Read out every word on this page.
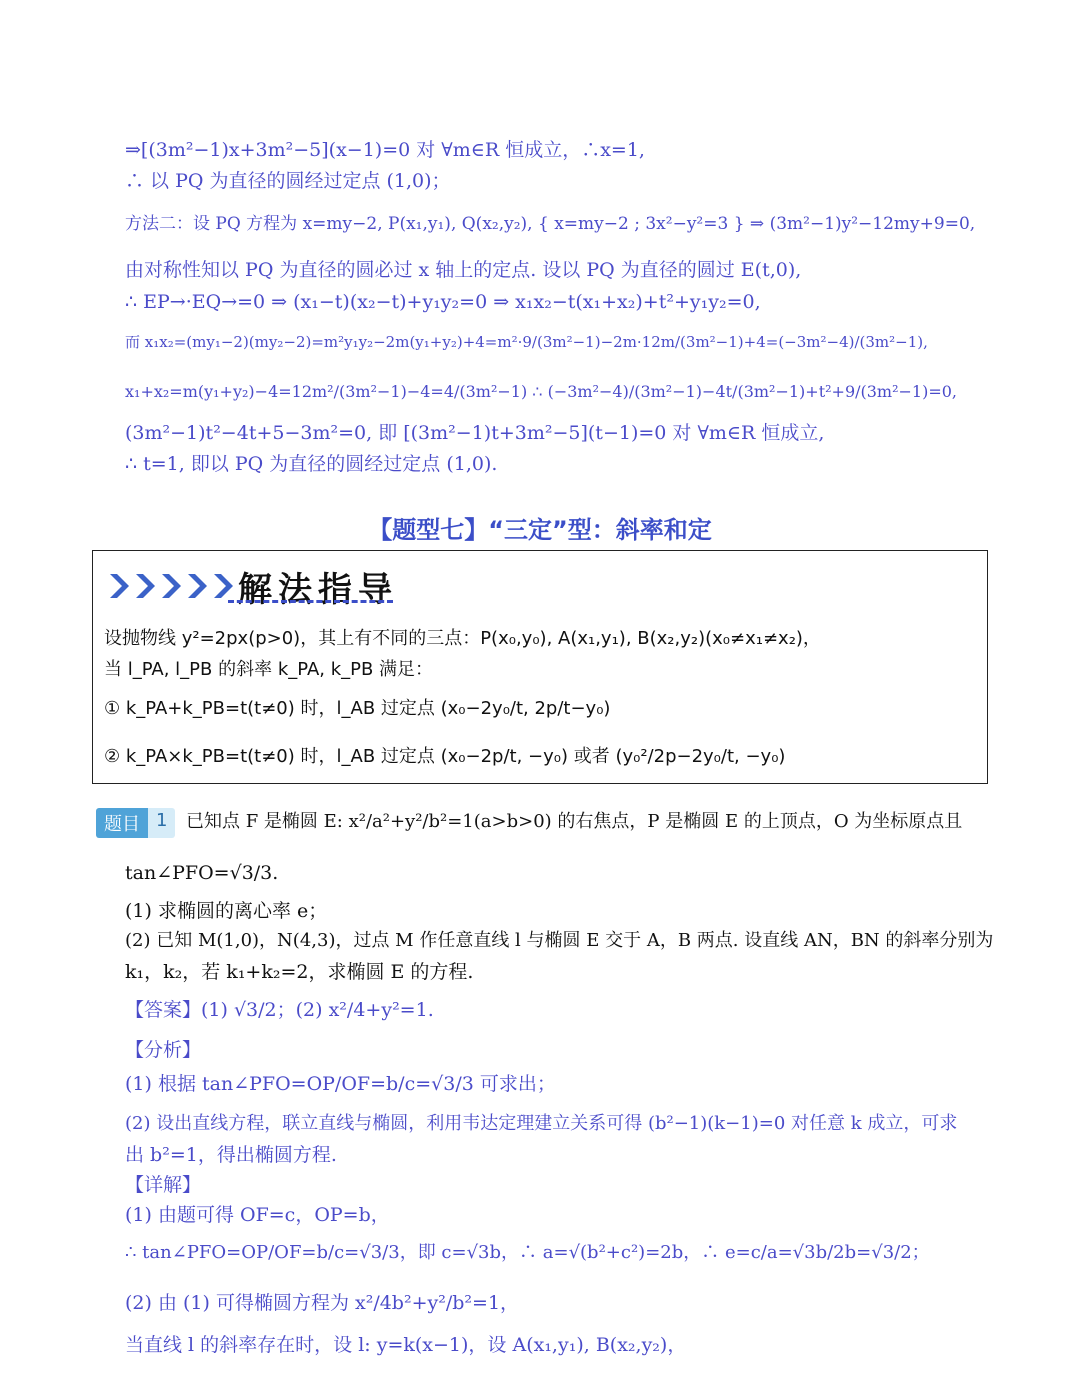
⇒[(3m²−1)x+3m²−5](x−1)=0 对 ∀m∈R 恒成立，∴x=1,
∴ 以 PQ 为直径的圆经过定点 (1,0)；
方法二：设 PQ 方程为 x=my−2, P(x₁,y₁), Q(x₂,y₂), { x=my−2 ; 3x²−y²=3 } ⇒ (3m²−1)y²−12my+9=0,
由对称性知以 PQ 为直径的圆必过 x 轴上的定点. 设以 PQ 为直径的圆过 E(t,0),
∴ EP→·EQ→=0 ⇒ (x₁−t)(x₂−t)+y₁y₂=0 ⇒ x₁x₂−t(x₁+x₂)+t²+y₁y₂=0,
而 x₁x₂=(my₁−2)(my₂−2)=m²y₁y₂−2m(y₁+y₂)+4=m²·9/(3m²−1)−2m·12m/(3m²−1)+4=(−3m²−4)/(3m²−1),
x₁+x₂=m(y₁+y₂)−4=12m²/(3m²−1)−4=4/(3m²−1) ∴ (−3m²−4)/(3m²−1)−4t/(3m²−1)+t²+9/(3m²−1)=0,
(3m²−1)t²−4t+5−3m²=0, 即 [(3m²−1)t+3m²−5](t−1)=0 对 ∀m∈R 恒成立,
∴ t=1, 即以 PQ 为直径的圆经过定点 (1,0).
【题型七】“三定”型：斜率和定
解法指导
设抛物线 y²=2px(p>0)，其上有不同的三点：P(x₀,y₀), A(x₁,y₁), B(x₂,y₂)(x₀≠x₁≠x₂)，
当 l_PA, l_PB 的斜率 k_PA, k_PB 满足：
① k_PA+k_PB=t(t≠0) 时，l_AB 过定点 (x₀−2y₀/t, 2p/t−y₀)
② k_PA×k_PB=t(t≠0) 时，l_AB 过定点 (x₀−2p/t, −y₀) 或者 (y₀²/2p−2y₀/t, −y₀)
题目 1	已知点 F 是椭圆 E: x²/a²+y²/b²=1(a>b>0) 的右焦点，P 是椭圆 E 的上顶点，O 为坐标原点且
tan∠PFO=√3/3.
(1) 求椭圆的离心率 e；
(2) 已知 M(1,0)，N(4,3)，过点 M 作任意直线 l 与椭圆 E 交于 A，B 两点. 设直线 AN，BN 的斜率分别为
k₁，k₂，若 k₁+k₂=2，求椭圆 E 的方程.
【答案】(1) √3/2；(2) x²/4+y²=1.
【分析】
(1) 根据 tan∠PFO=OP/OF=b/c=√3/3 可求出；
(2) 设出直线方程，联立直线与椭圆，利用韦达定理建立关系可得 (b²−1)(k−1)=0 对任意 k 成立，可求
出 b²=1，得出椭圆方程.
【详解】
(1) 由题可得 OF=c，OP=b，
∴ tan∠PFO=OP/OF=b/c=√3/3，即 c=√3b，∴ a=√(b²+c²)=2b，∴ e=c/a=√3b/2b=√3/2；
(2) 由 (1) 可得椭圆方程为 x²/4b²+y²/b²=1，
当直线 l 的斜率存在时，设 l: y=k(x−1)，设 A(x₁,y₁), B(x₂,y₂)，
